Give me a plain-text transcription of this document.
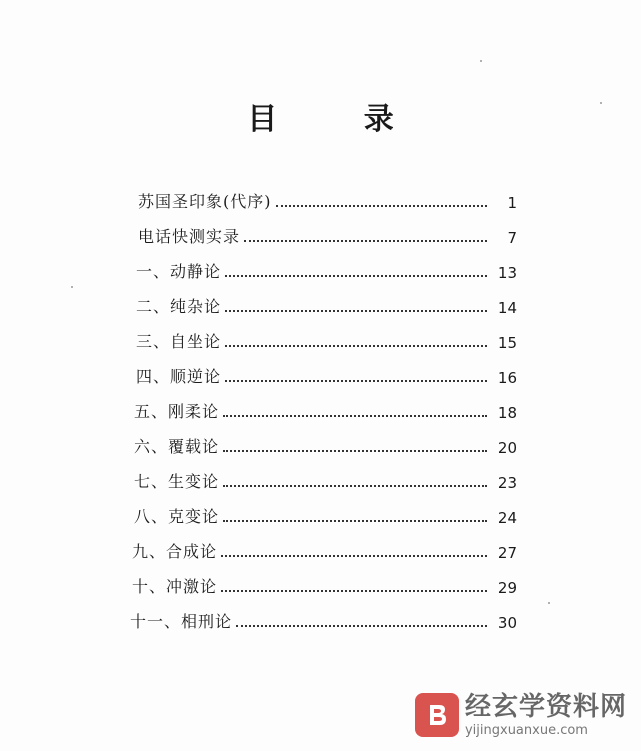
目 录
苏国圣印象(代序)	1
电话快测实录	7
一、动静论	13
二、纯杂论	14
三、自坐论	15
四、顺逆论	16
五、刚柔论	18
六、覆载论	20
七、生变论	23
八、克变论	24
九、合成论	27
十、冲激论	29
十一、相刑论	30
经玄学资料网
yijingxuanxue.com
